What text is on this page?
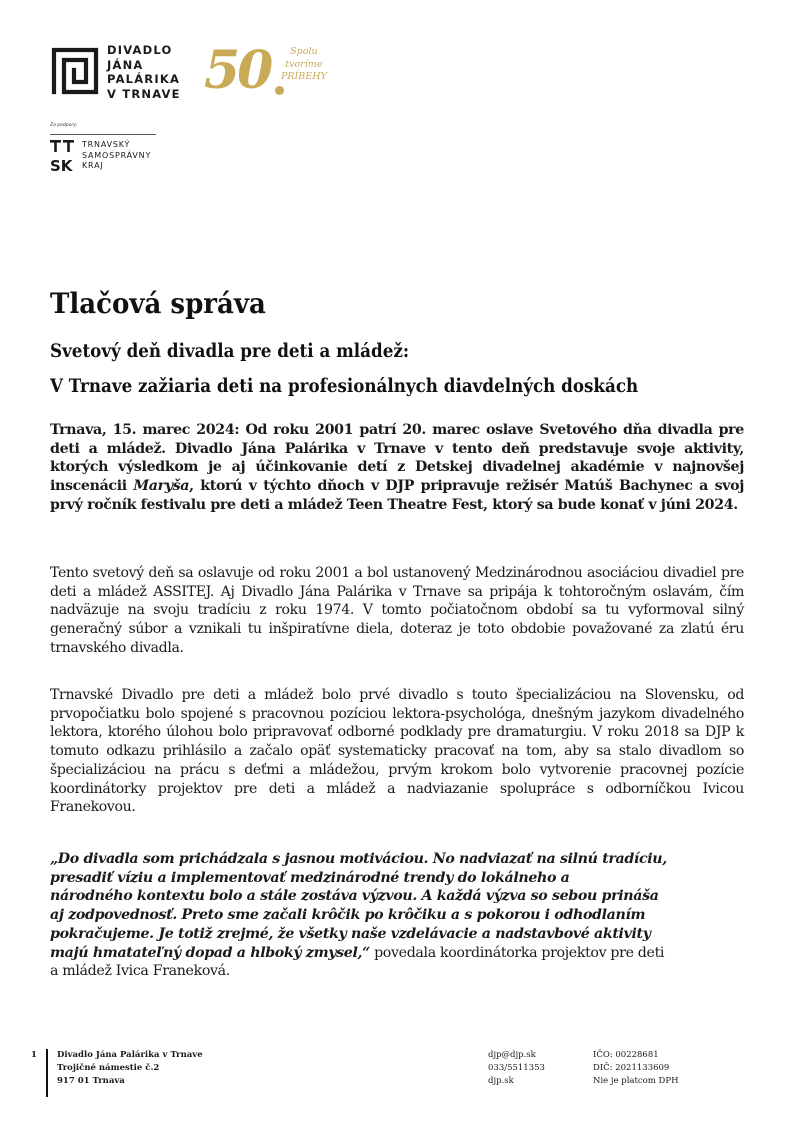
DIVADLO
JÁNA
PALÁRIKA
V TRNAVE 50	Spolu
tvoríme
PRÍBEHY
Za podpory:
SK
TRNAVSKÝ
SAMOSPRÁVNY
KRAJ
Tlačová správa
Svetový deň divadla pre deti a mládež:
V Trnave zažiaria deti na profesionálnych diavdelných doskách

Trnava, 15. marec 2024: Od roku 2001 patrí 20. marec oslave Svetového dňa divadla pre deti a mládež. Divadlo Jána Palárika v Trnave v tento deň predstavuje svoje aktivity, ktorých výsledkom je aj účinkovanie detí z Detskej divadelnej akadémie v najnovšej inscenácii Maryša, ktorú v týchto dňoch v DJP pripravuje režisér Matúš Bachynec a svoj prvý ročník festivalu pre deti a mládež Teen Theatre Fest, ktorý sa bude konať v júni 2024.

Tento svetový deň sa oslavuje od roku 2001 a bol ustanovený Medzinárodnou asociáciou divadiel pre deti a mládež ASSITEJ. Aj Divadlo Jána Palárika v Trnave sa pripája k tohtoročným oslavám, čím nadväzuje na svoju tradíciu z roku 1974. V tomto počiatočnom období sa tu vyformoval silný generačný súbor a vznikali tu inšpiratívne diela, doteraz je toto obdobie považované za zlatú éru trnavského divadla.

Trnavské Divadlo pre deti a mládež bolo prvé divadlo s touto špecializáciou na Slovensku, od prvopočiatku bolo spojené s pracovnou pozíciou lektora-psychológa, dnešným jazykom divadelného lektora, ktorého úlohou bolo pripravovať odborné podklady pre dramaturgiu. V roku 2018 sa DJP k tomuto odkazu prihlásilo a začalo opäť systematicky pracovať na tom, aby sa stalo divadlom so špecializáciou na prácu s deťmi a mládežou, prvým krokom bolo vytvorenie pracovnej pozície koordinátorky projektov pre deti a mládež a nadviazanie spolupráce s odborníčkou Ivicou Franekovou.

„Do divadla som prichádzala s jasnou motiváciou. No nadviazať na silnú tradíciu,
presadiť víziu a implementovať medzinárodné trendy do lokálneho a
národného kontextu bolo a stále zostáva výzvou. A každá výzva so sebou prináša
aj zodpovednosť. Preto sme začali krôčik po krôčiku a s pokorou i odhodlaním
pokračujeme. Je totiž zrejmé, že všetky naše vzdelávacie a nadstavbové aktivity
majú hmatateľný dopad a hlboký zmysel,“ povedala koordinátorka projektov pre deti
a mládež Ivica Franeková.

1 Divadlo Jána Palárika v Trnave
Trojičné námestie č.2
917 01 Trnava
djp@djp.sk
033/5511353
djp.sk
IČO: 00228681
DIČ: 2021133609
Nie je platcom DPH
